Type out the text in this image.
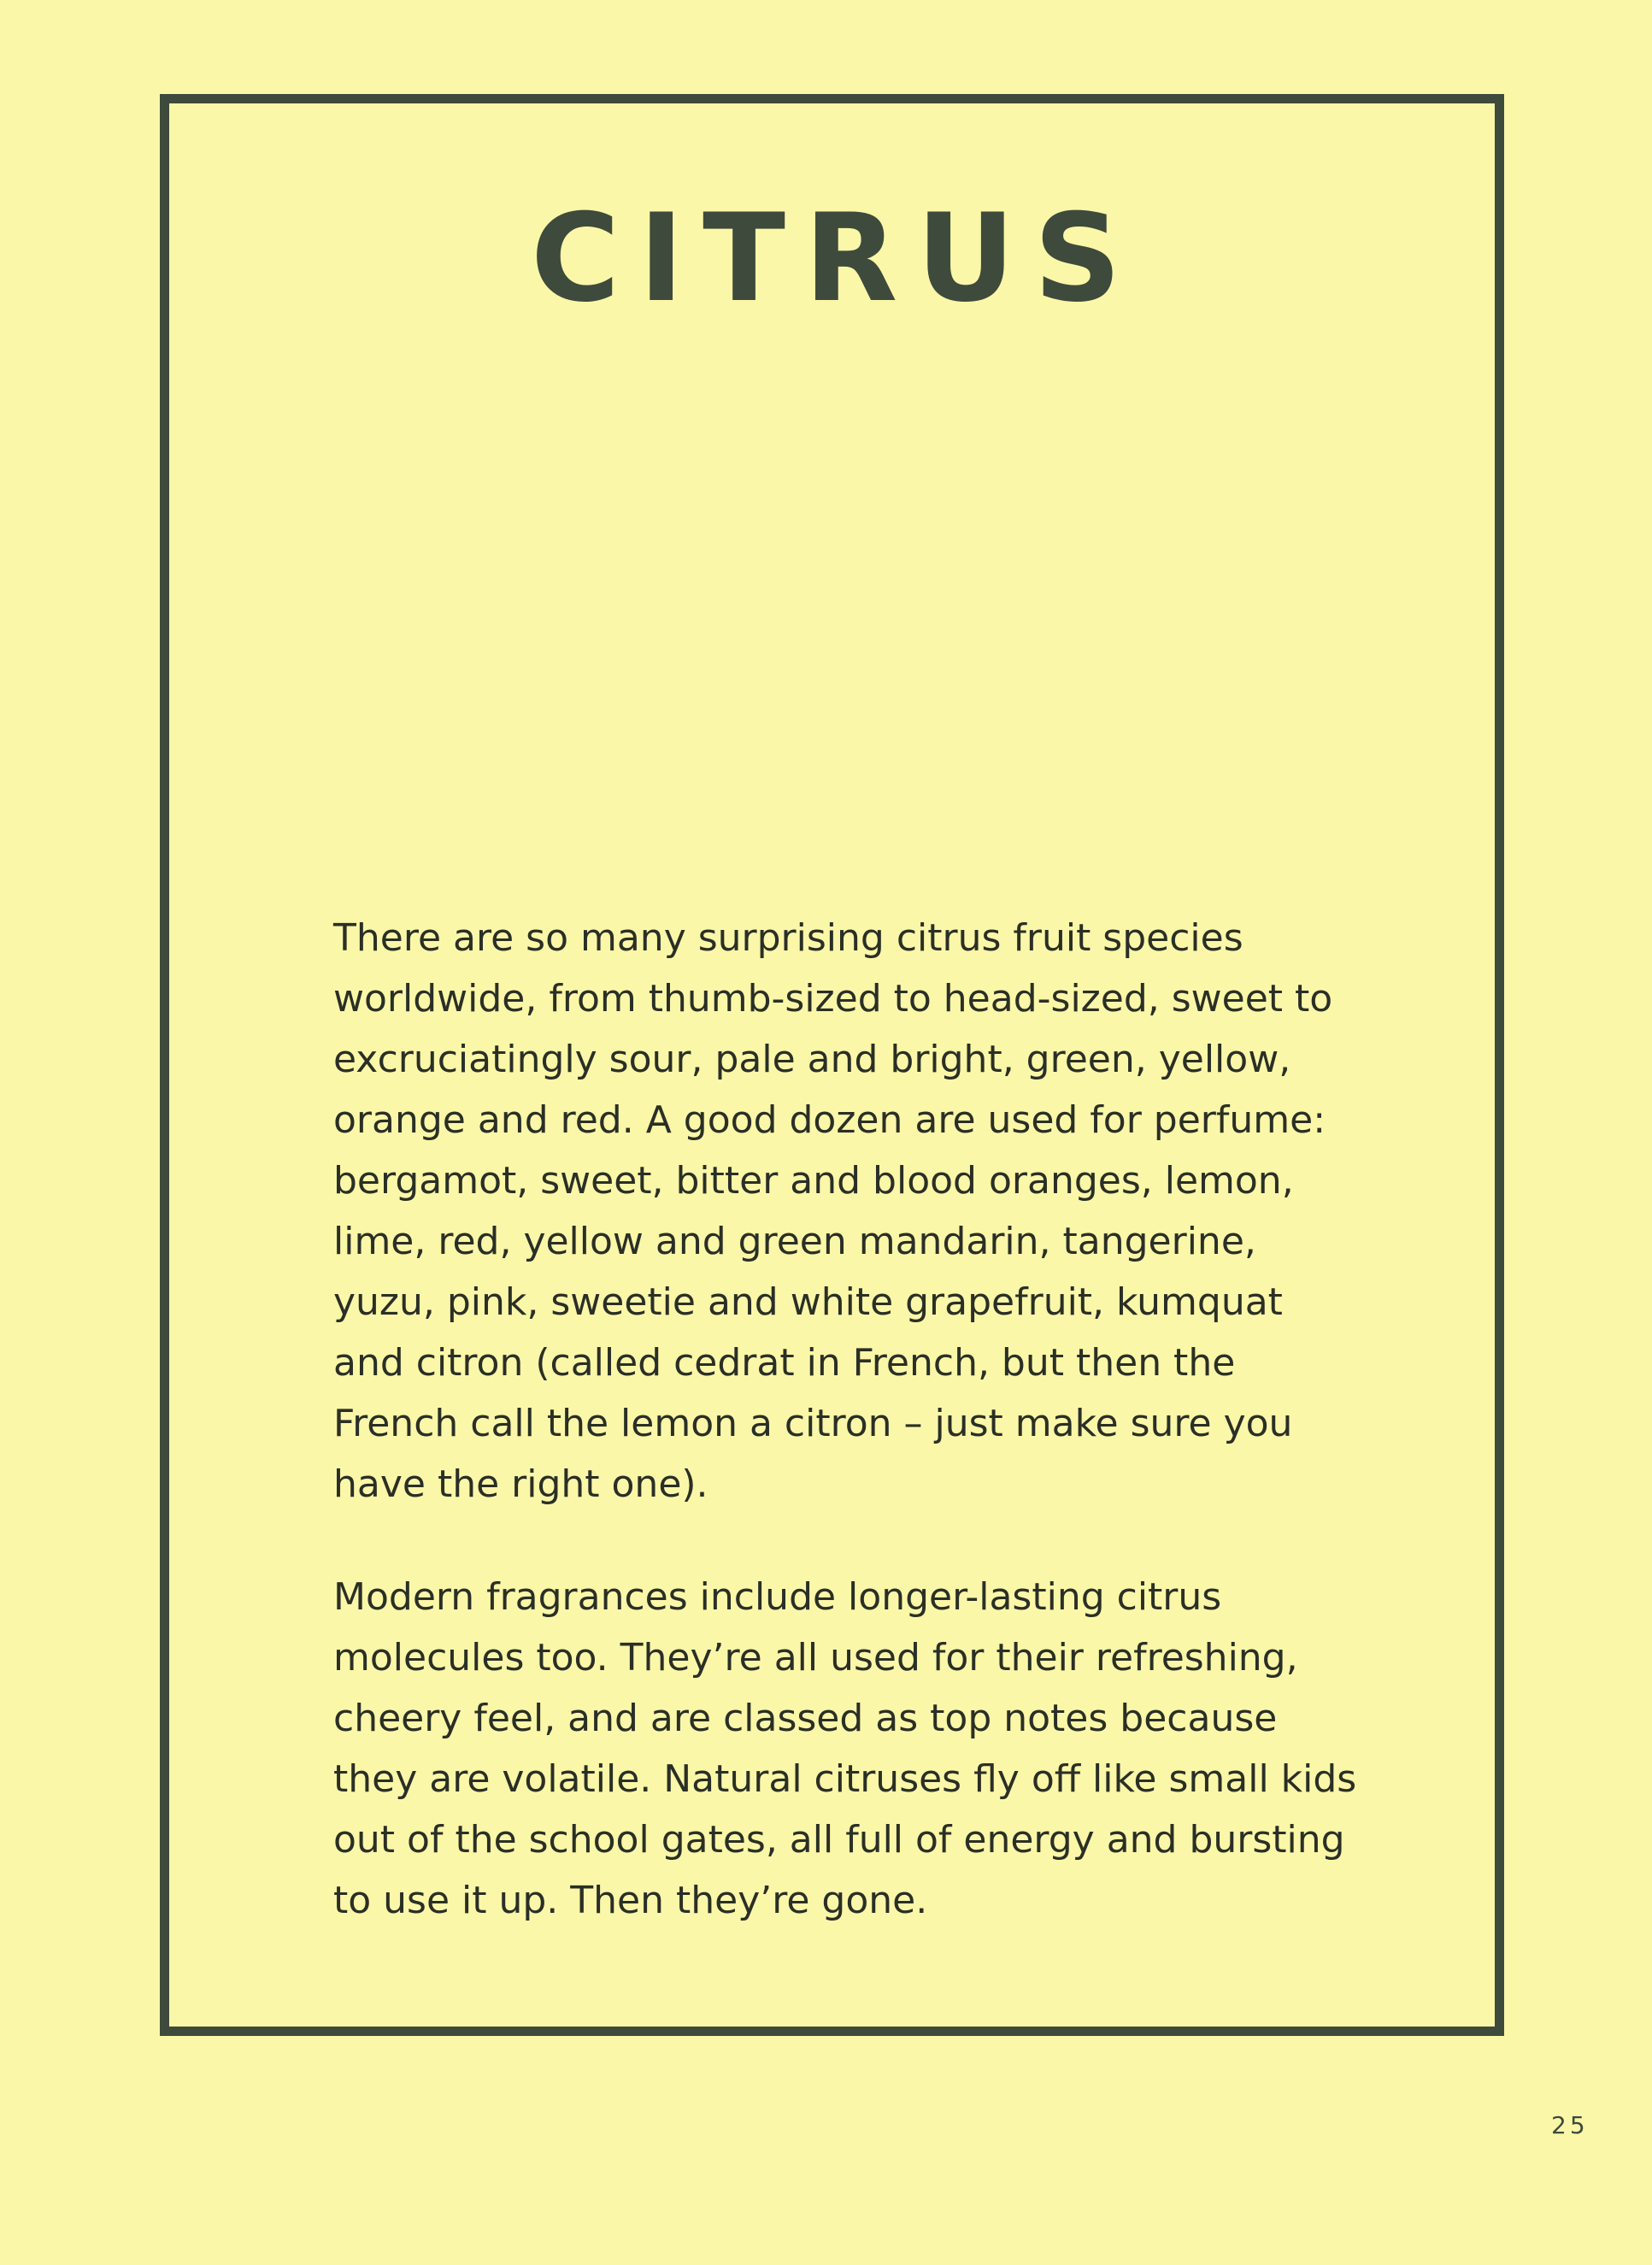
CITRUS

There are so many surprising citrus fruit species worldwide, from thumb-sized to head-sized, sweet to excruciatingly sour, pale and bright, green, yellow, orange and red. A good dozen are used for perfume: bergamot, sweet, bitter and blood oranges, lemon, lime, red, yellow and green mandarin, tangerine, yuzu, pink, sweetie and white grapefruit, kumquat and citron (called cedrat in French, but then the French call the lemon a citron – just make sure you have the right one).

Modern fragrances include longer-lasting citrus molecules too. They’re all used for their refreshing, cheery feel, and are classed as top notes because they are volatile. Natural citruses fly off like small kids out of the school gates, all full of energy and bursting to use it up. Then they’re gone.

25
